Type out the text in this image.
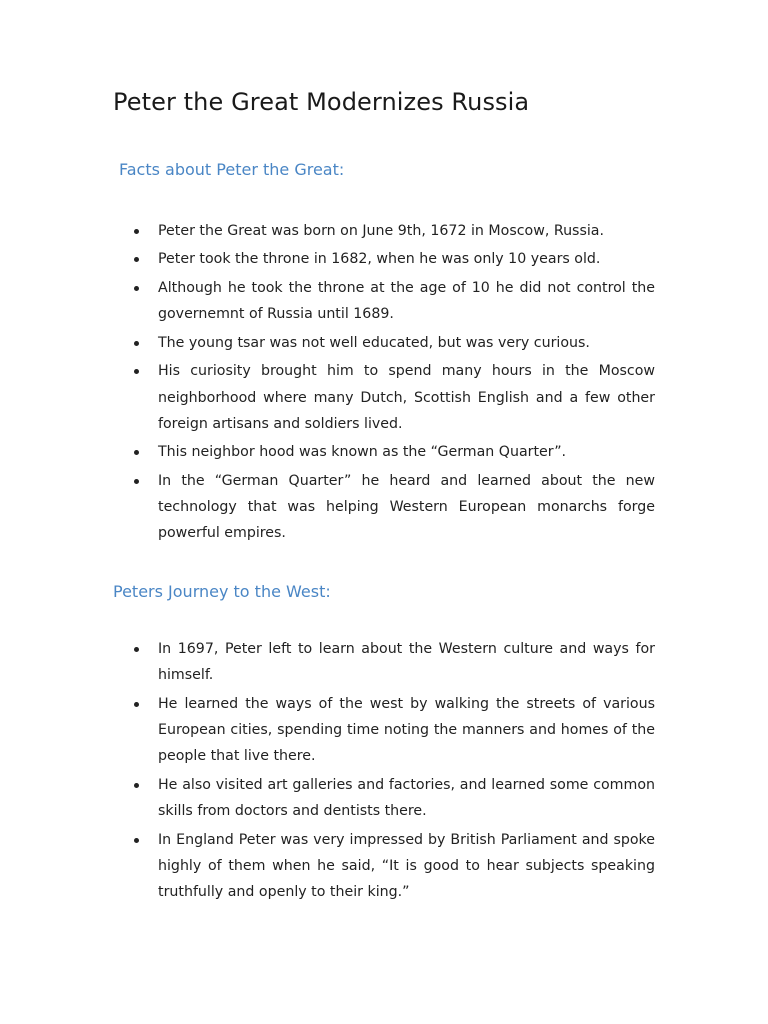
Peter the Great Modernizes Russia
Facts about Peter the Great:
Peter the Great was born on June 9th, 1672 in Moscow, Russia.
Peter took the throne in 1682, when he was only 10 years old.
Although he took the throne at the age of 10 he did not control the governemnt of Russia until 1689.
The young tsar was not well educated, but was very curious.
His curiosity brought him to spend many hours in the Moscow neighborhood where many Dutch, Scottish English and a few other foreign artisans and soldiers lived.
This neighbor hood was known as the “German Quarter”.
In the “German Quarter” he heard and learned about the new technology that was helping Western European monarchs forge powerful empires.
Peters Journey to the West:
In 1697, Peter left to learn about the Western culture and ways for himself.
He learned the ways of the west by walking the streets of various European cities, spending time noting the manners and homes of the people that live there.
He also visited art galleries and factories, and learned some common skills from doctors and dentists there.
In England Peter was very impressed by British Parliament and spoke highly of them when he said, “It is good to hear subjects speaking truthfully and openly to their king.”
